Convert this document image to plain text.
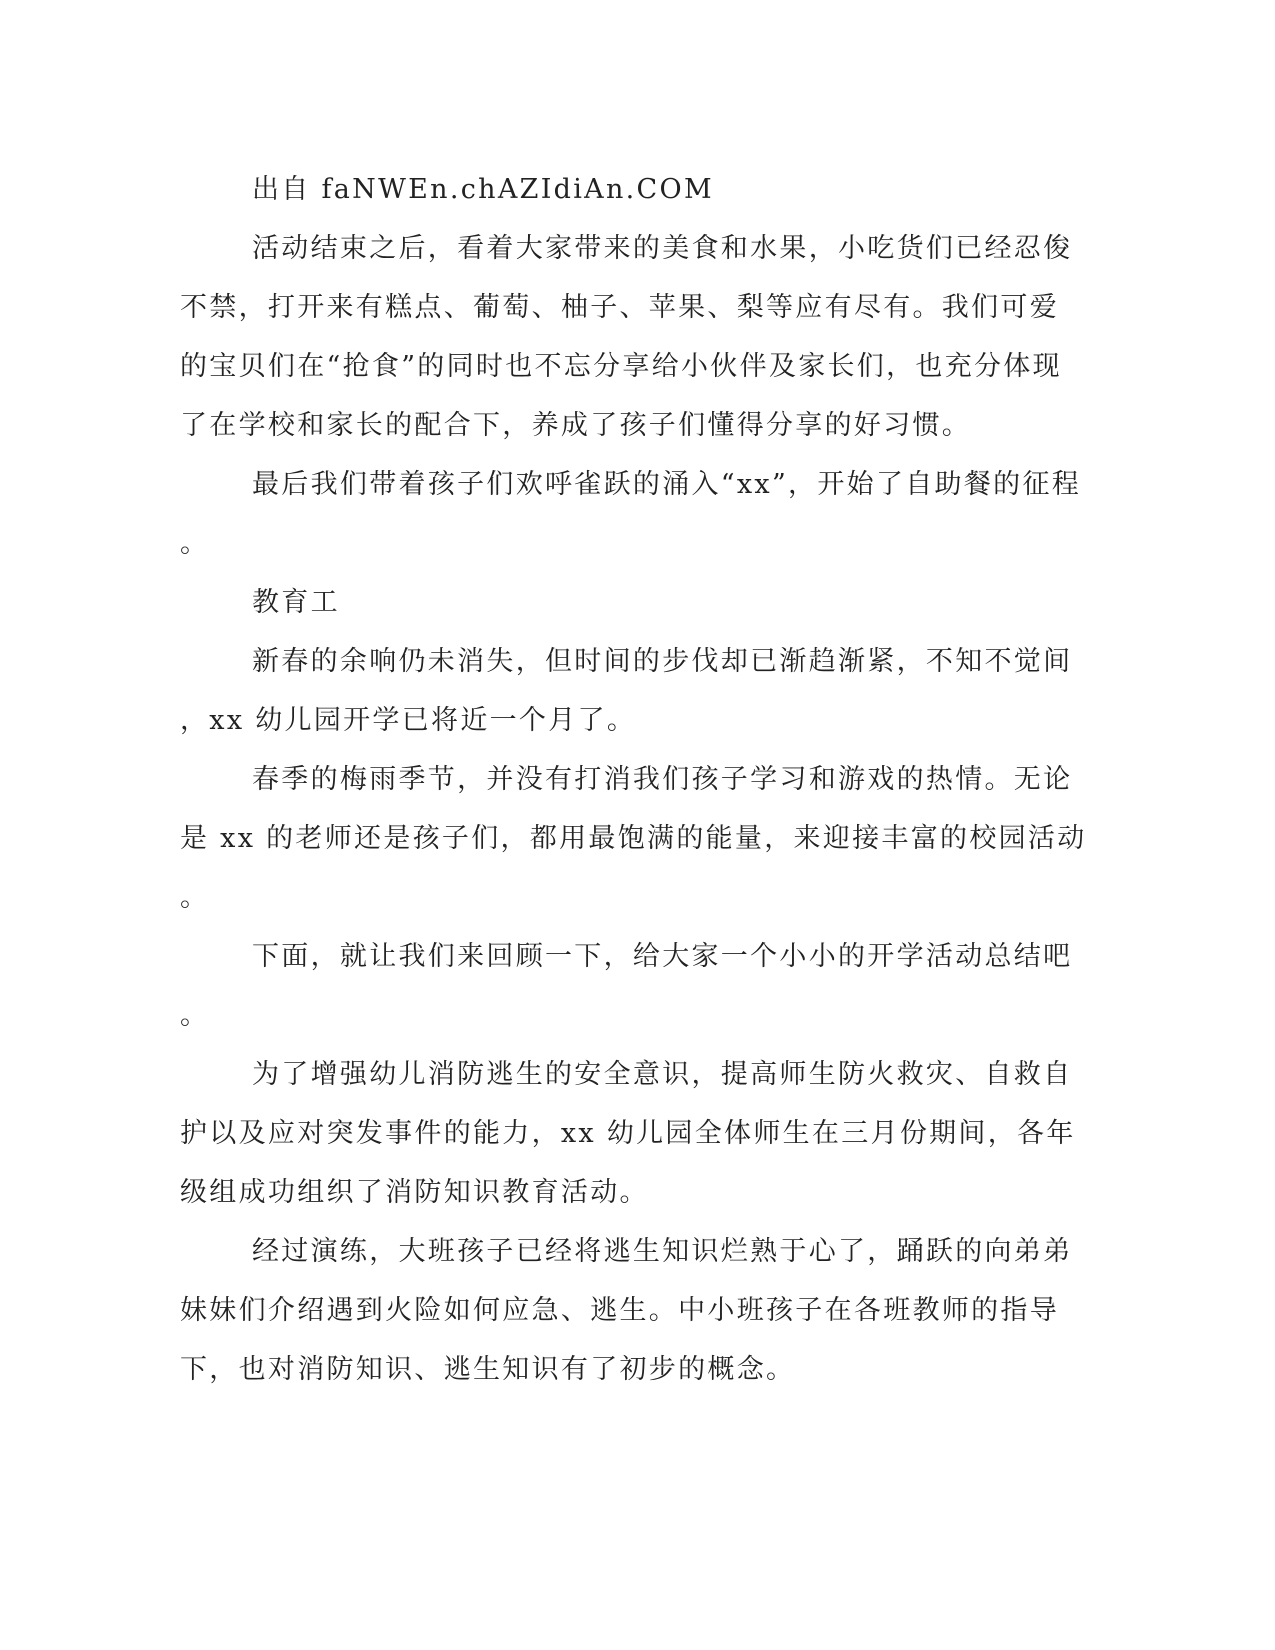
出自 faNWEn.chAZIdiAn.COM
活动结束之后，看着大家带来的美食和水果，小吃货们已经忍俊
不禁，打开来有糕点、葡萄、柚子、苹果、梨等应有尽有。我们可爱
的宝贝们在“抢食”的同时也不忘分享给小伙伴及家长们，也充分体现
了在学校和家长的配合下，养成了孩子们懂得分享的好习惯。
最后我们带着孩子们欢呼雀跃的涌入“xx”，开始了自助餐的征程
。
教育工
新春的余响仍未消失，但时间的步伐却已渐趋渐紧，不知不觉间
，xx 幼儿园开学已将近一个月了。
春季的梅雨季节，并没有打消我们孩子学习和游戏的热情。无论
是 xx 的老师还是孩子们，都用最饱满的能量，来迎接丰富的校园活动
。
下面，就让我们来回顾一下，给大家一个小小的开学活动总结吧
。
为了增强幼儿消防逃生的安全意识，提高师生防火救灾、自救自
护以及应对突发事件的能力，xx 幼儿园全体师生在三月份期间，各年
级组成功组织了消防知识教育活动。
经过演练，大班孩子已经将逃生知识烂熟于心了，踊跃的向弟弟
妹妹们介绍遇到火险如何应急、逃生。中小班孩子在各班教师的指导
下，也对消防知识、逃生知识有了初步的概念。
